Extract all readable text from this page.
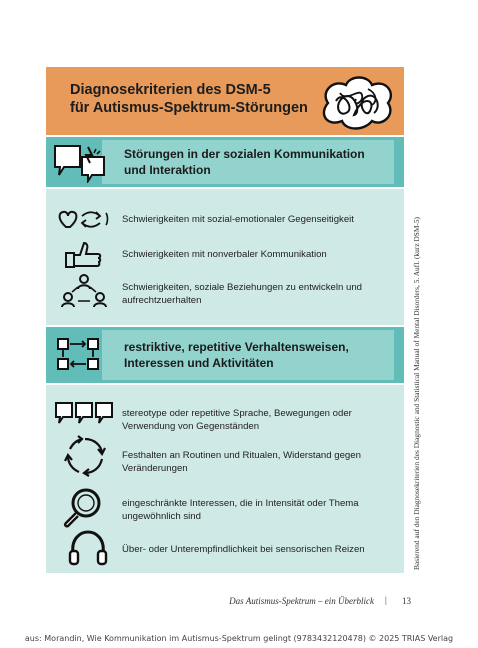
Diagnosekriterien des DSM-5
für Autismus-Spektrum-Störungen
Störungen in der sozialen Kommunikation
und Interaktion
Schwierigkeiten mit sozial-emotionaler Gegenseitigkeit
Schwierigkeiten mit nonverbaler Kommunikation
Schwierigkeiten, soziale Beziehungen zu entwickeln und aufrechtzuerhalten
restriktive, repetitive Verhaltensweisen,
Interessen und Aktivitäten
stereotype oder repetitive Sprache, Bewegungen oder Verwendung von Gegenständen
Festhalten an Routinen und Ritualen, Widerstand gegen Veränderungen
eingeschränkte Interessen, die in Intensität oder Thema ungewöhnlich sind
Über- oder Unterempfindlichkeit bei sensorischen Reizen	Basierend auf den Diagnosekriterien des Diagnostic and Statistical Manual of Mental Disorders, 5. Aufl. (kurz DSM-5)
Das Autismus-Spektrum – ein Überblick | 13
aus: Morandin, Wie Kommunikation im Autismus-Spektrum gelingt (9783432120478) © 2025 TRIAS Verlag
